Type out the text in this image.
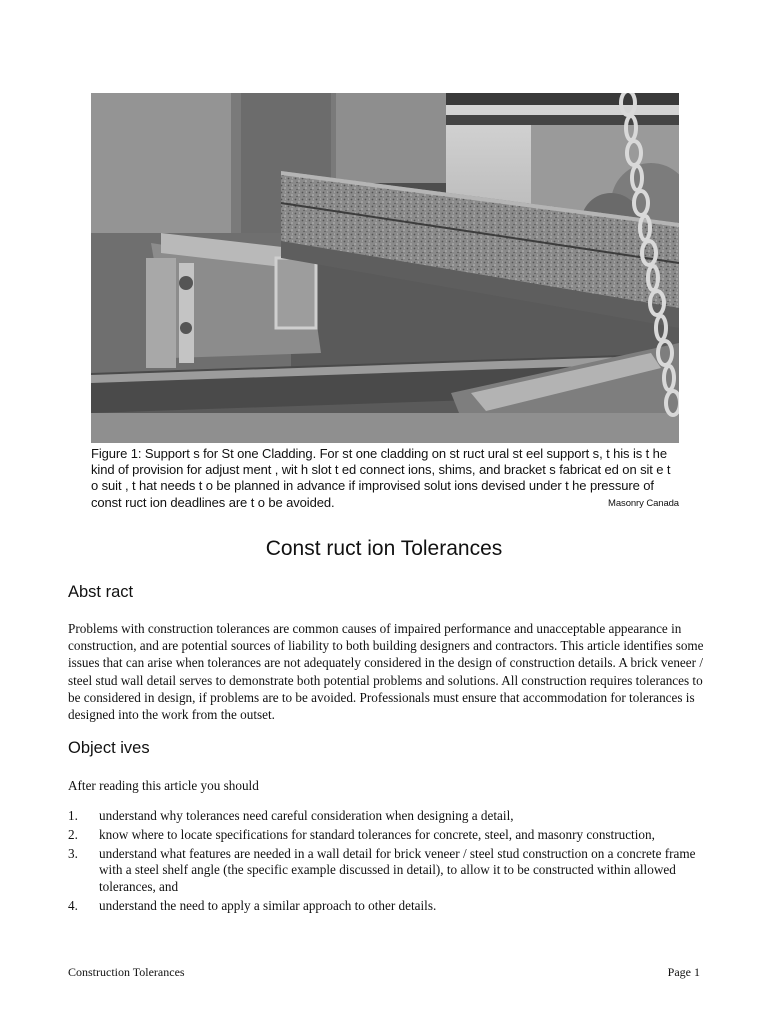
Figure 1: Support s for St one Cladding. For st one cladding on st ruct ural st eel support s, t his is t he kind of provision for adjust ment , wit h slot t ed connect ions, shims, and bracket s fabricat ed on sit e t o suit , t hat needs t o be planned in advance if improvised solut ions devised under t he pressure of const ruct ion deadlines are t o be avoided.	Masonry Canada
Const ruct ion Tolerances
Abst ract

Problems with construction tolerances are common causes of impaired performance and unacceptable appearance in construction, and are potential sources of liability to both building designers and contractors. This article identifies some issues that can arise when tolerances are not adequately considered in the design of construction details. A brick veneer / steel stud wall detail serves to demonstrate both potential problems and solutions. All construction requires tolerances to be considered in design, if problems are to be avoided. Professionals must ensure that accommodation for tolerances is designed into the work from the outset.

Object ives

After reading this article you should

1.	understand why tolerances need careful consideration when designing a detail,
2.	know where to locate specifications for standard tolerances for concrete, steel, and masonry construction,
3.	understand what features are needed in a wall detail for brick veneer / steel stud construction on a concrete frame with a steel shelf angle (the specific example discussed in detail), to allow it to be constructed within allowed tolerances, and
4.	understand the need to apply a similar approach to other details.
Construction Tolerances	Page 1
